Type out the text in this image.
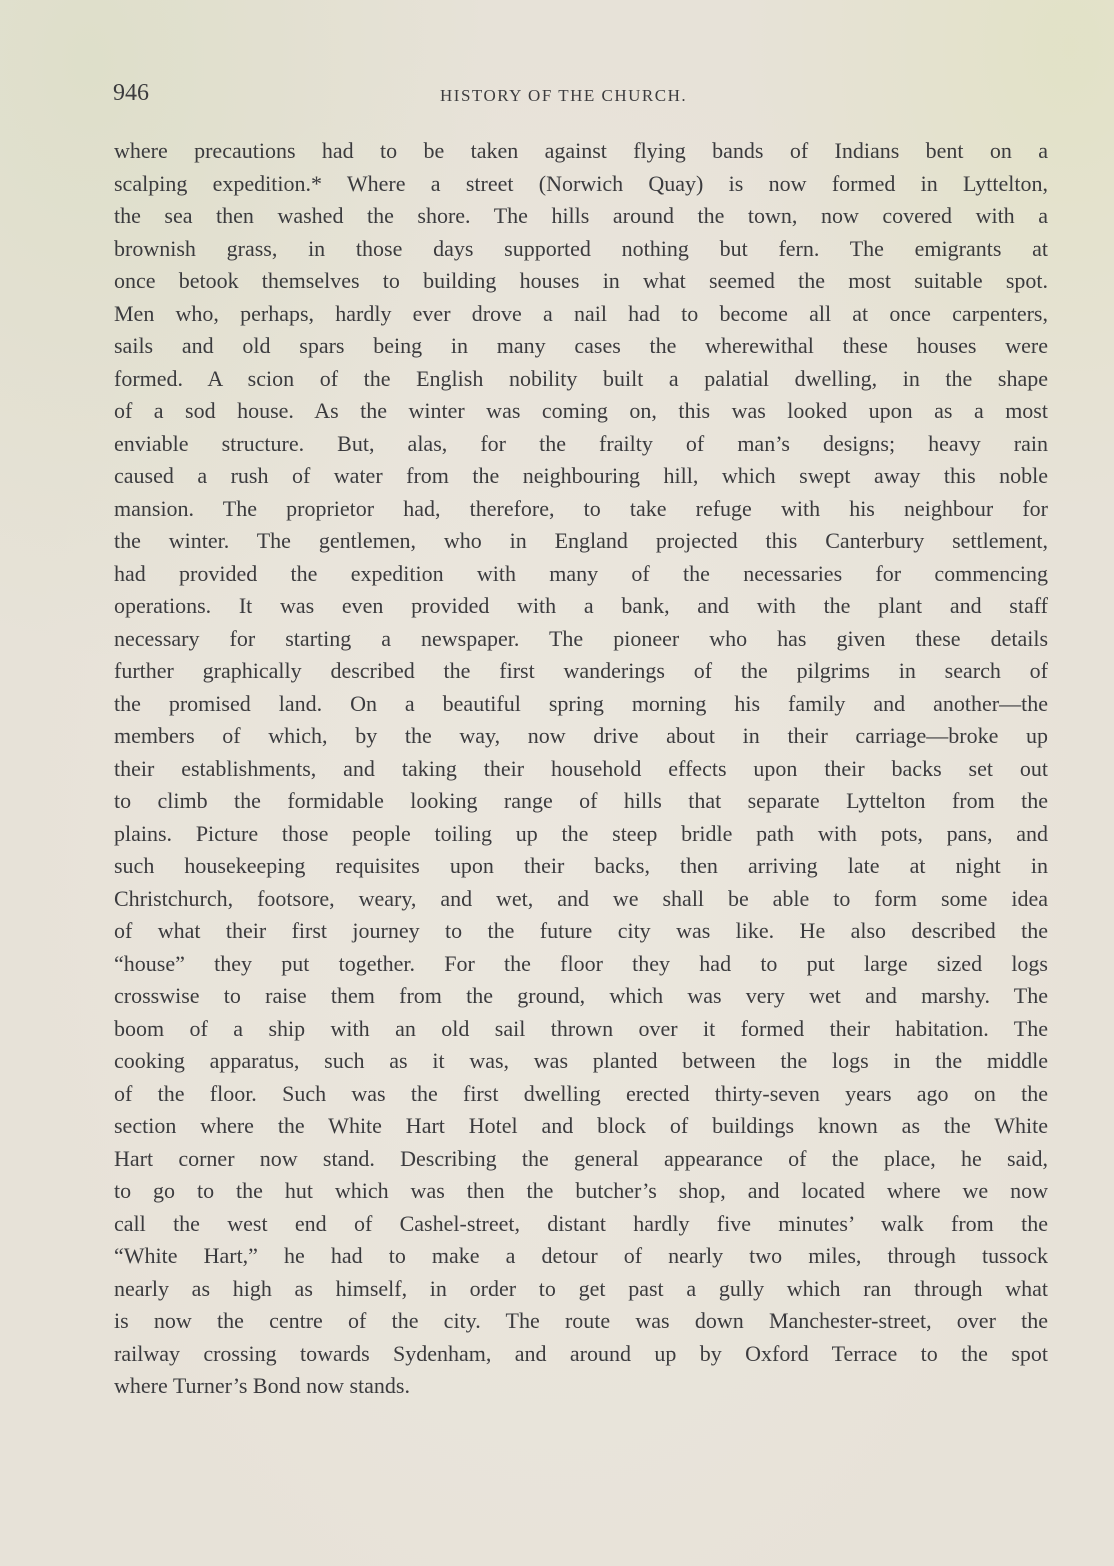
946	HISTORY OF THE CHURCH.
where precautions had to be taken against flying bands of Indians bent on a
scalping expedition.* Where a street (Norwich Quay) is now formed in Lyttelton,
the sea then washed the shore. The hills around the town, now covered with a
brownish grass, in those days supported nothing but fern. The emigrants at
once betook themselves to building houses in what seemed the most suitable spot.
Men who, perhaps, hardly ever drove a nail had to become all at once carpenters,
sails and old spars being in many cases the wherewithal these houses were
formed. A scion of the English nobility built a palatial dwelling, in the shape
of a sod house. As the winter was coming on, this was looked upon as a most
enviable structure. But, alas, for the frailty of man’s designs; heavy rain
caused a rush of water from the neighbouring hill, which swept away this noble
mansion. The proprietor had, therefore, to take refuge with his neighbour for
the winter. The gentlemen, who in England projected this Canterbury settlement,
had provided the expedition with many of the necessaries for commencing
operations. It was even provided with a bank, and with the plant and staff
necessary for starting a newspaper. The pioneer who has given these details
further graphically described the first wanderings of the pilgrims in search of
the promised land. On a beautiful spring morning his family and another—the
members of which, by the way, now drive about in their carriage—broke up
their establishments, and taking their household effects upon their backs set out
to climb the formidable looking range of hills that separate Lyttelton from the
plains. Picture those people toiling up the steep bridle path with pots, pans, and
such housekeeping requisites upon their backs, then arriving late at night in
Christchurch, footsore, weary, and wet, and we shall be able to form some idea
of what their first journey to the future city was like. He also described the
“house” they put together. For the floor they had to put large sized logs
crosswise to raise them from the ground, which was very wet and marshy. The
boom of a ship with an old sail thrown over it formed their habitation. The
cooking apparatus, such as it was, was planted between the logs in the middle
of the floor. Such was the first dwelling erected thirty-seven years ago on the
section where the White Hart Hotel and block of buildings known as the White
Hart corner now stand. Describing the general appearance of the place, he said,
to go to the hut which was then the butcher’s shop, and located where we now
call the west end of Cashel-street, distant hardly five minutes’ walk from the
“White Hart,” he had to make a detour of nearly two miles, through tussock
nearly as high as himself, in order to get past a gully which ran through what
is now the centre of the city. The route was down Manchester-street, over the
railway crossing towards Sydenham, and around up by Oxford Terrace to the spot
where Turner’s Bond now stands.
